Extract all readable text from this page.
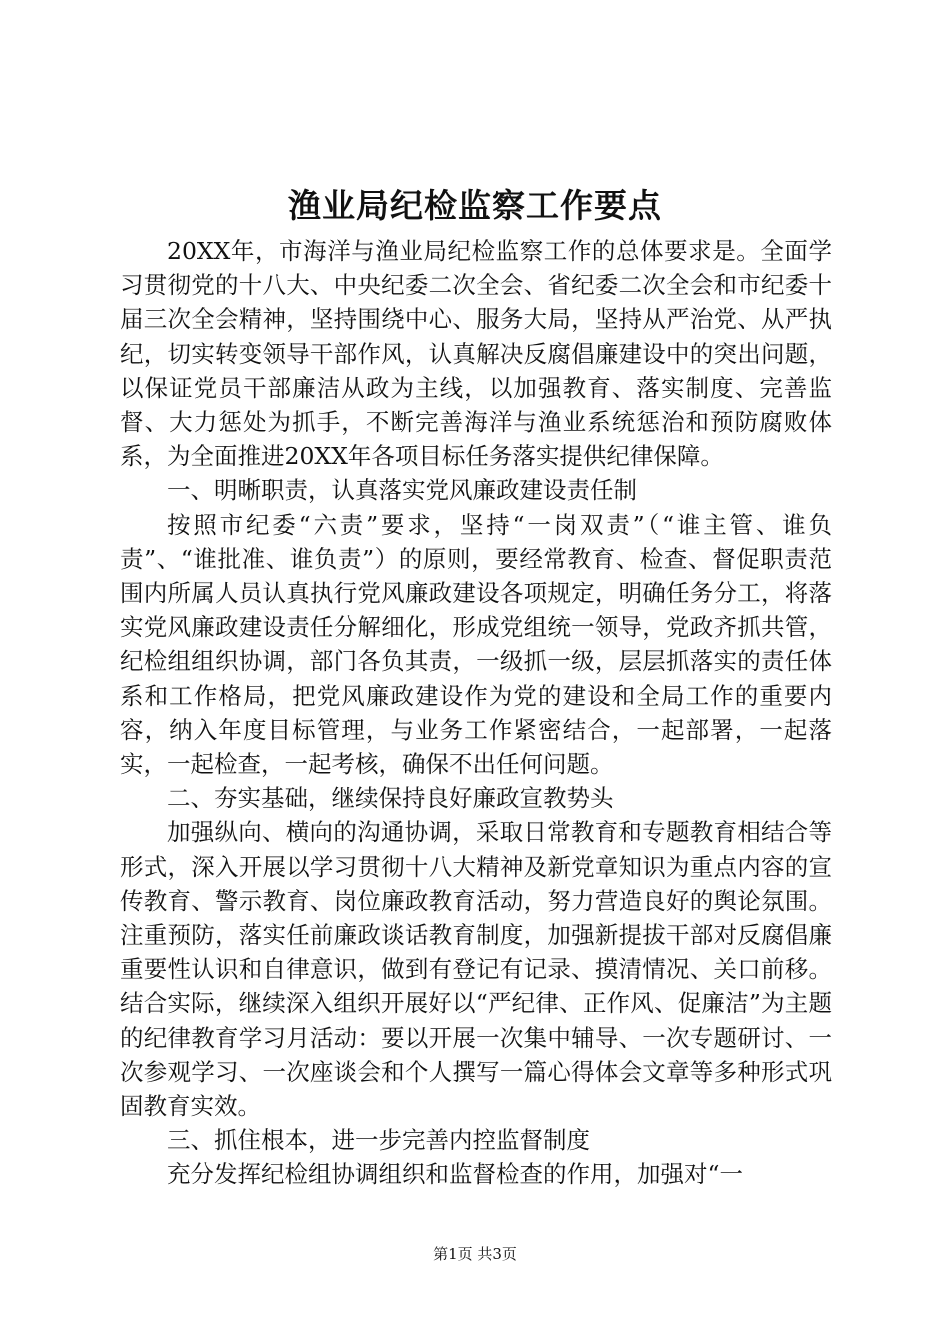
渔业局纪检监察工作要点

20XX年，市海洋与渔业局纪检监察工作的总体要求是。全面学习贯彻党的十八大、中央纪委二次全会、省纪委二次全会和市纪委十届三次全会精神，坚持围绕中心、服务大局，坚持从严治党、从严执纪，切实转变领导干部作风，认真解决反腐倡廉建设中的突出问题，以保证党员干部廉洁从政为主线，以加强教育、落实制度、完善监督、大力惩处为抓手，不断完善海洋与渔业系统惩治和预防腐败体系，为全面推进20XX年各项目标任务落实提供纪律保障。

一、明晰职责，认真落实党风廉政建设责任制

按照市纪委“六责”要求，坚持“一岗双责”（“谁主管、谁负责”、“谁批准、谁负责”）的原则，要经常教育、检查、督促职责范围内所属人员认真执行党风廉政建设各项规定，明确任务分工，将落实党风廉政建设责任分解细化，形成党组统一领导，党政齐抓共管，纪检组组织协调，部门各负其责，一级抓一级，层层抓落实的责任体系和工作格局，把党风廉政建设作为党的建设和全局工作的重要内容，纳入年度目标管理，与业务工作紧密结合，一起部署，一起落实，一起检查，一起考核，确保不出任何问题。

二、夯实基础，继续保持良好廉政宣教势头

加强纵向、横向的沟通协调，采取日常教育和专题教育相结合等形式，深入开展以学习贯彻十八大精神及新党章知识为重点内容的宣传教育、警示教育、岗位廉政教育活动，努力营造良好的舆论氛围。注重预防，落实任前廉政谈话教育制度，加强新提拔干部对反腐倡廉重要性认识和自律意识，做到有登记有记录、摸清情况、关口前移。结合实际，继续深入组织开展好以“严纪律、正作风、促廉洁”为主题的纪律教育学习月活动：要以开展一次集中辅导、一次专题研讨、一次参观学习、一次座谈会和个人撰写一篇心得体会文章等多种形式巩固教育实效。

三、抓住根本，进一步完善内控监督制度

充分发挥纪检组协调组织和监督检查的作用，加强对“一

第1页 共3页
